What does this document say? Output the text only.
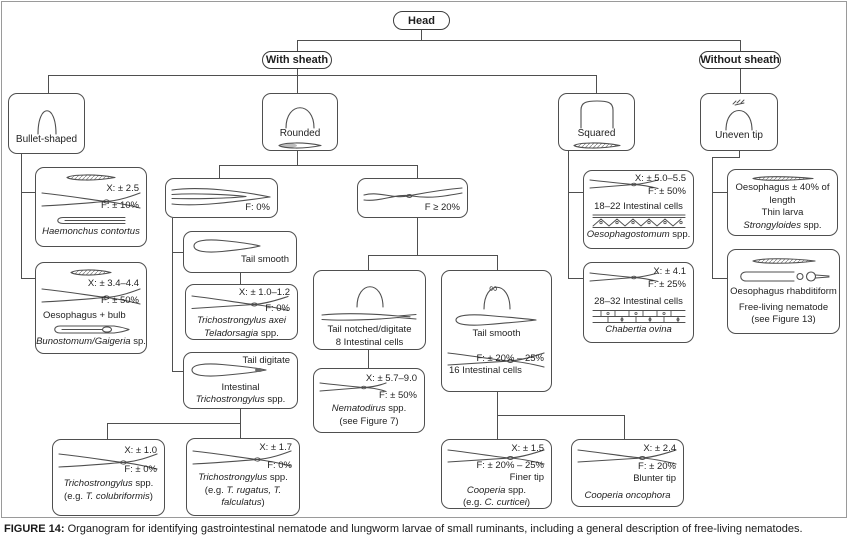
Head
With sheath	Without sheath
Bullet-shaped
Rounded	Squared	Uneven tip
X: ± 2.5
F: ± 10%
Haemonchus contortus
X: ± 3.4–4.4
F: ± 50%
Oesophagus + bulb
Bunostomum/Gaigeria sp.
F: 0%	F ≥ 20%
Tail smooth
X: ± 1.0–1.2
F: 0%
Trichostrongylus axei
Teladorsagia spp.
Tail digitate
Intestinal
Trichostrongylus spp.
X: ± 1.0
F: ± 0%
Trichostrongylus spp.
(e.g. T. colubriformis)
X: ± 1.7
F: 0%
Trichostrongylus spp.
(e.g. T. rugatus, T. falculatus)
Tail notched/digitate
8 Intestinal cells
X: ± 5.7–9.0
F: ± 50%
Nematodirus spp.
(see Figure 7)
∞
Tail smooth
F: ± 20% – 25%
16 Intestinal cells
X: ± 1.5
F: ± 20% – 25%
Finer tip
Cooperia spp.
(e.g. C. curticei)
X: ± 2.4
F: ± 20%
Blunter tip
Cooperia oncophora
X: ± 5.0–5.5
F: ± 50%
18–22 Intestinal cells
Oesophagostomum spp.
X: ± 4.1
F: ± 25%
28–32 Intestinal cells
Chabertia ovina
Oesophagus ± 40% of length
Thin larva
Strongyloides spp.
Oesophagus rhabditiform
Free-living nematode
(see Figure 13)
FIGURE 14: Organogram for identifying gastrointestinal nematode and lungworm larvae of small ruminants, including a general description of free-living nematodes.
